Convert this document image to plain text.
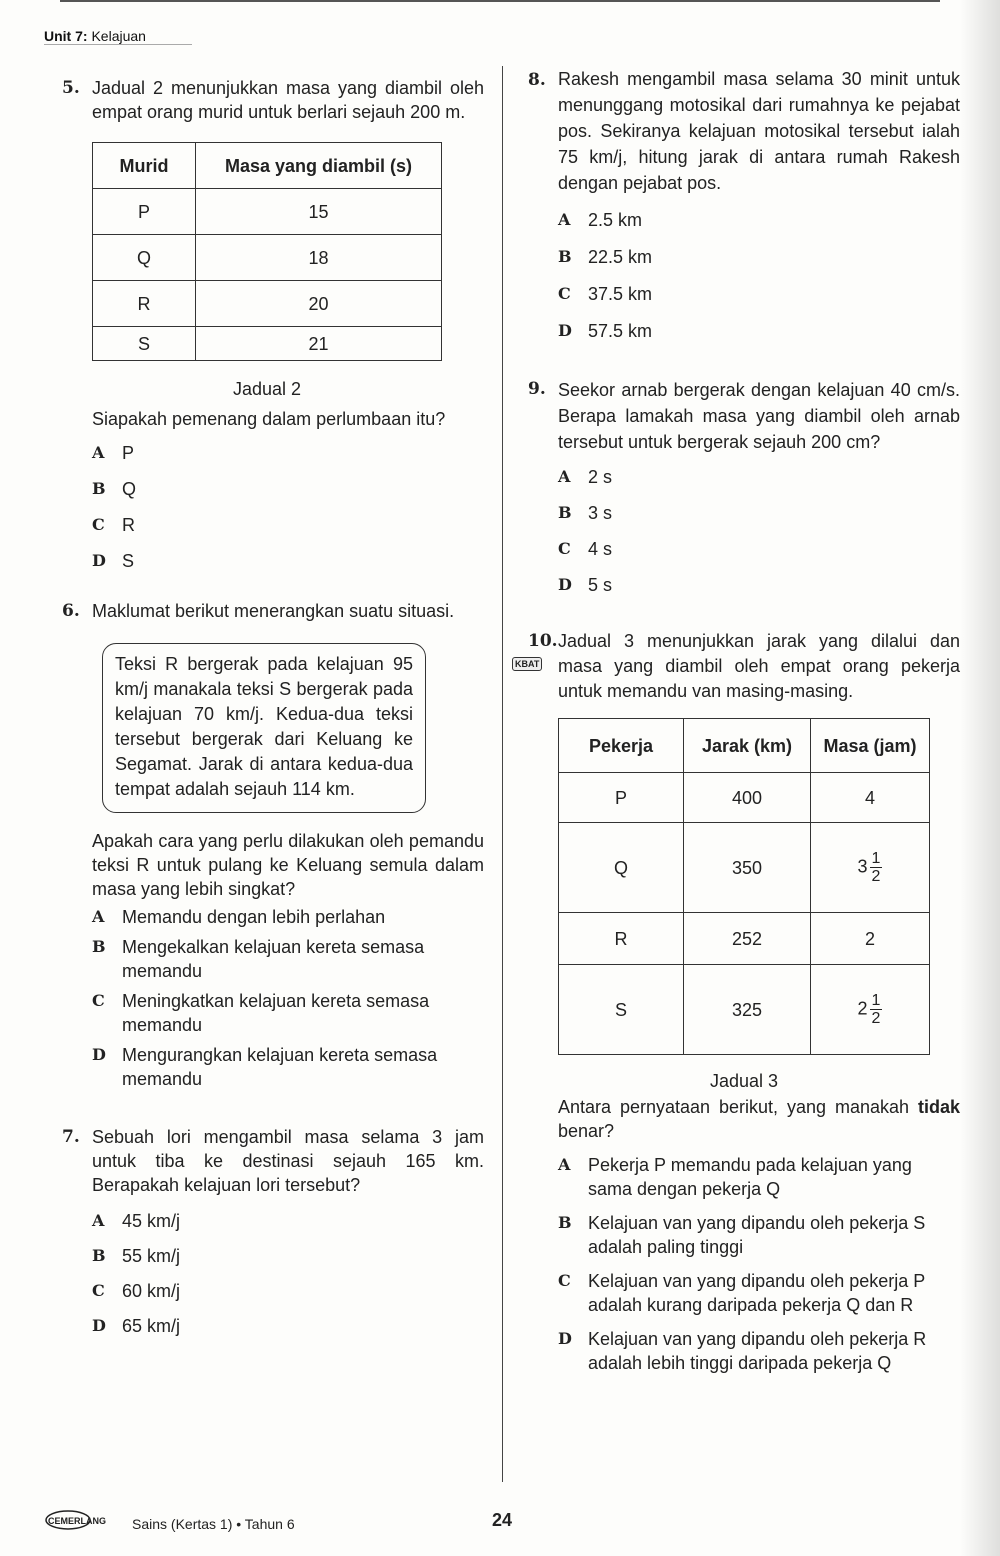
Unit 7: Kelajuan
5. Jadual 2 menunjukkan masa yang diambil oleh empat orang murid untuk berlari sejauh 200 m.
Murid	Masa yang diambil (s)
P	15
Q	18
R	20
S	21
Jadual 2
Siapakah pemenang dalam perlumbaan itu?

A P

B Q

C R

D S

6. Maklumat berikut menerangkan suatu situasi.
Teksi R bergerak pada kelajuan 95 km/j manakala teksi S bergerak pada kelajuan 70 km/j. Kedua-dua teksi tersebut bergerak dari Keluang ke Segamat. Jarak di antara kedua-dua tempat adalah sejauh 114 km.
Apakah cara yang perlu dilakukan oleh pemandu teksi R untuk pulang ke Keluang semula dalam masa yang lebih singkat?

A Memandu dengan lebih perlahan

B Mengekalkan kelajuan kereta semasa memandu

C Meningkatkan kelajuan kereta semasa memandu

D Mengurangkan kelajuan kereta semasa memandu

7. Sebuah lori mengambil masa selama 3 jam untuk tiba ke destinasi sejauh 165 km. Berapakah kelajuan lori tersebut?

A 45 km/j

B 55 km/j

C 60 km/j

D 65 km/j

8. Rakesh mengambil masa selama 30 minit untuk menunggang motosikal dari rumahnya ke pejabat pos. Sekiranya kelajuan motosikal tersebut ialah 75 km/j, hitung jarak di antara rumah Rakesh dengan pejabat pos.

A 2.5 km

B 22.5 km

C 37.5 km

D 57.5 km

9. Seekor arnab bergerak dengan kelajuan 40 cm/s. Berapa lamakah masa yang diambil oleh arnab tersebut untuk bergerak sejauh 200 cm?

A 2 s

B 3 s

C 4 s

D 5 s

10.
KBAT
Jadual 3 menunjukkan jarak yang dilalui dan masa yang diambil oleh empat orang pekerja untuk memandu van masing-masing.
Pekerja	Jarak (km)	Masa (jam)
P	400	4
Q	350	$3 \frac{1}{2}$

R	252	2
S	325	$2 \frac{1}{2}$
Jadual 3
Antara pernyataan berikut, yang manakah tidak benar?

A Pekerja P memandu pada kelajuan yang sama dengan pekerja Q

B Kelajuan van yang dipandu oleh pekerja S adalah paling tinggi

C Kelajuan van yang dipandu oleh pekerja P adalah kurang daripada pekerja Q dan R

D Kelajuan van yang dipandu oleh pekerja R adalah lebih tinggi daripada pekerja Q

CEMERLANG Sains (Kertas 1) • Tahun 6	24
